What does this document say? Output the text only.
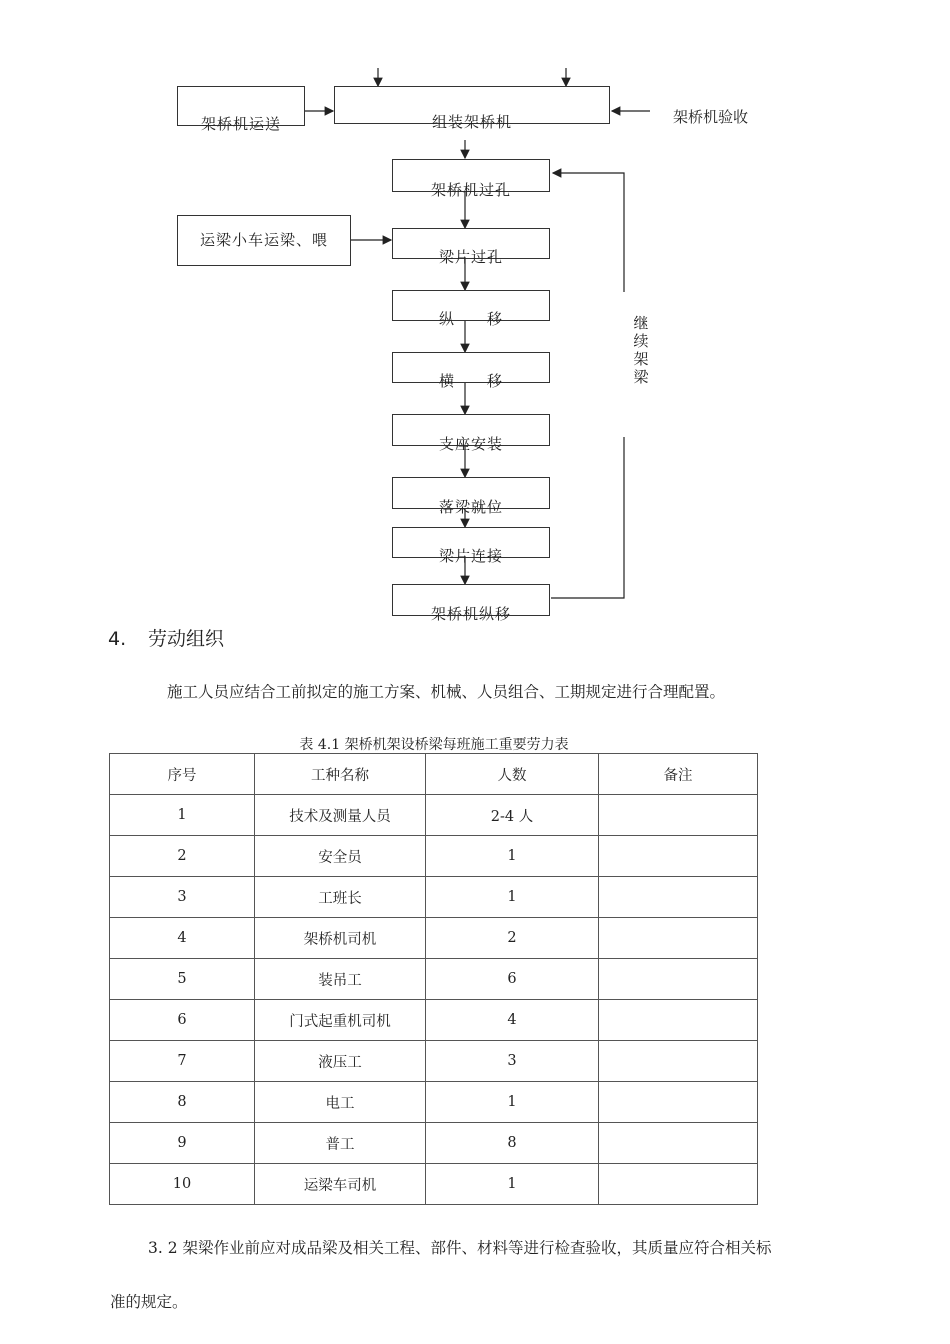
架桥机运送	组装架桥机	架桥机验收
架桥机过孔
运梁小车运梁、喂
梁片过孔
纵　　移
横　　移
支座安装
落梁就位
梁片连接
架桥机纵移
继续架梁
4. 劳动组织
施工人员应结合工前拟定的施工方案、机械、人员组合、工期规定进行合理配置。
表 4.1 架桥机架设桥梁每班施工重要劳力表
序号	工种名称	人数	备注
1	技术及测量人员	2-4 人	
2	安全员	1	
3	工班长	1	
4	架桥机司机	2	
5	装吊工	6	
6	门式起重机司机	4	
7	液压工	3	
8	电工	1	
9	普工	8	
10	运梁车司机	1	
3. 2 架梁作业前应对成品梁及相关工程、部件、材料等进行检查验收，其质量应符合相关标
准的规定。
